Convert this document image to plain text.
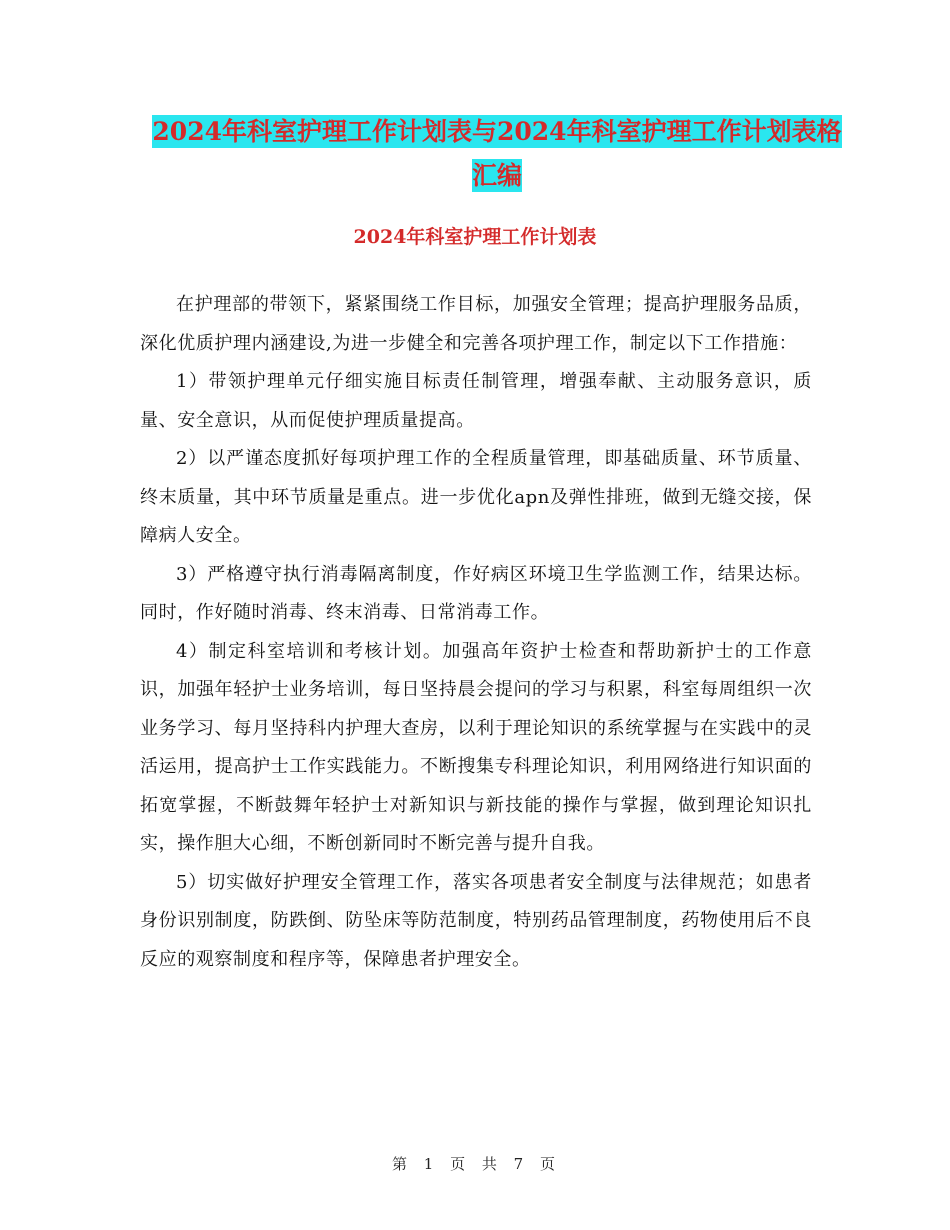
2024年科室护理工作计划表与2024年科室护理工作计划表格汇编
2024年科室护理工作计划表

在护理部的带领下，紧紧围绕工作目标，加强安全管理；提高护理服务品质，深化优质护理内涵建设,为进一步健全和完善各项护理工作，制定以下工作措施：

1）带领护理单元仔细实施目标责任制管理，增强奉献、主动服务意识，质量、安全意识，从而促使护理质量提高。

2）以严谨态度抓好每项护理工作的全程质量管理，即基础质量、环节质量、终末质量，其中环节质量是重点。进一步优化apn及弹性排班，做到无缝交接，保障病人安全。

3）严格遵守执行消毒隔离制度，作好病区环境卫生学监测工作，结果达标。同时，作好随时消毒、终末消毒、日常消毒工作。

4）制定科室培训和考核计划。加强高年资护士检查和帮助新护士的工作意识，加强年轻护士业务培训，每日坚持晨会提问的学习与积累，科室每周组织一次业务学习、每月坚持科内护理大查房，以利于理论知识的系统掌握与在实践中的灵活运用，提高护士工作实践能力。不断搜集专科理论知识，利用网络进行知识面的拓宽掌握，不断鼓舞年轻护士对新知识与新技能的操作与掌握，做到理论知识扎实，操作胆大心细，不断创新同时不断完善与提升自我。

5）切实做好护理安全管理工作，落实各项患者安全制度与法律规范；如患者身份识别制度，防跌倒、防坠床等防范制度，特别药品管理制度，药物使用后不良反应的观察制度和程序等，保障患者护理安全。

第 1 页 共 7 页
